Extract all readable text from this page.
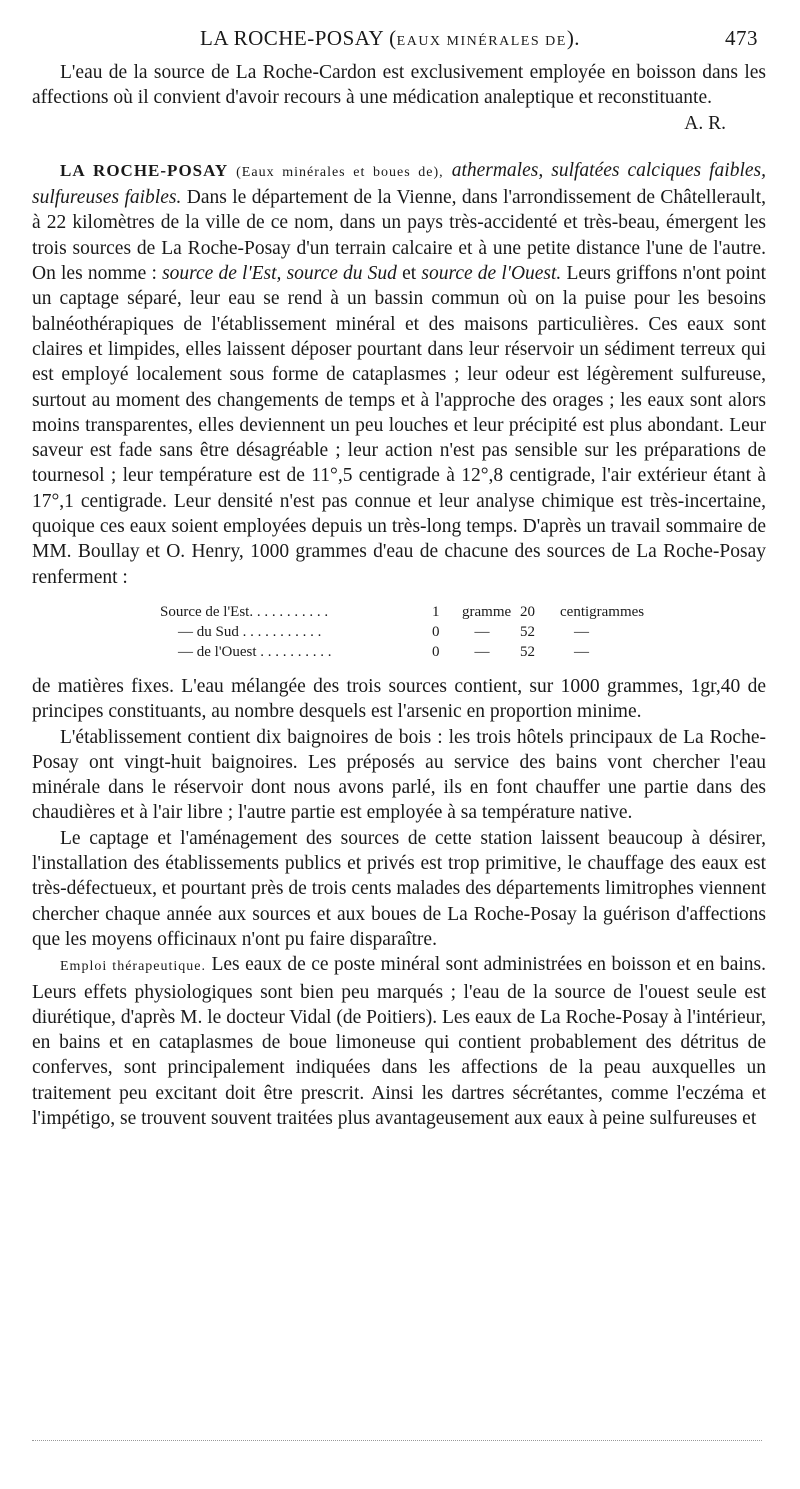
LA ROCHE-POSAY (EAUX MINÉRALES DE).	473

L'eau de la source de La Roche-Cardon est exclusivement employée en boisson dans les affections où il convient d'avoir recours à une médication analeptique et reconstituante.

A. R.

LA ROCHE-POSAY (Eaux minérales et boues de), athermales, sulfatées calciques faibles, sulfureuses faibles. Dans le département de la Vienne, dans l'arrondissement de Châtellerault, à 22 kilomètres de la ville de ce nom, dans un pays très-accidenté et très-beau, émergent les trois sources de La Roche-Posay d'un terrain calcaire et à une petite distance l'une de l'autre. On les nomme : source de l'Est, source du Sud et source de l'Ouest. Leurs griffons n'ont point un captage séparé, leur eau se rend à un bassin commun où on la puise pour les besoins balnéothérapiques de l'établissement minéral et des maisons particulières. Ces eaux sont claires et limpides, elles laissent déposer pourtant dans leur réservoir un sédiment terreux qui est employé localement sous forme de cataplasmes ; leur odeur est légèrement sulfureuse, surtout au moment des changements de temps et à l'approche des orages ; les eaux sont alors moins transparentes, elles deviennent un peu louches et leur précipité est plus abondant. Leur saveur est fade sans être désagréable ; leur action n'est pas sensible sur les préparations de tournesol ; leur température est de 11°,5 centigrade à 12°,8 centigrade, l'air extérieur étant à 17°,1 centigrade. Leur densité n'est pas connue et leur analyse chimique est très-incertaine, quoique ces eaux soient employées depuis un très-long temps. D'après un travail sommaire de MM. Boullay et O. Henry, 1000 grammes d'eau de chacune des sources de La Roche-Posay renferment :

Source de l'Est. . . . . . . . . . .	1	gramme 20	centigrammes
— du Sud . . . . . . . . . . .	0	—	52	—
— de l'Ouest . . . . . . . . . .	0	—	52	—

de matières fixes. L'eau mélangée des trois sources contient, sur 1000 grammes, 1gr,40 de principes constituants, au nombre desquels est l'arsenic en proportion minime.

L'établissement contient dix baignoires de bois : les trois hôtels principaux de La Roche-Posay ont vingt-huit baignoires. Les préposés au service des bains vont chercher l'eau minérale dans le réservoir dont nous avons parlé, ils en font chauffer une partie dans des chaudières et à l'air libre ; l'autre partie est employée à sa température native.

Le captage et l'aménagement des sources de cette station laissent beaucoup à désirer, l'installation des établissements publics et privés est trop primitive, le chauffage des eaux est très-défectueux, et pourtant près de trois cents malades des départements limitrophes viennent chercher chaque année aux sources et aux boues de La Roche-Posay la guérison d'affections que les moyens officinaux n'ont pu faire disparaître.

Emploi thérapeutique. Les eaux de ce poste minéral sont administrées en boisson et en bains. Leurs effets physiologiques sont bien peu marqués ; l'eau de la source de l'ouest seule est diurétique, d'après M. le docteur Vidal (de Poitiers). Les eaux de La Roche-Posay à l'intérieur, en bains et en cataplasmes de boue limoneuse qui contient probablement des détritus de conferves, sont principalement indiquées dans les affections de la peau auxquelles un traitement peu excitant doit être prescrit. Ainsi les dartres sécrétantes, comme l'eczéma et l'impétigo, se trouvent souvent traitées plus avantageusement aux eaux à peine sulfureuses et
